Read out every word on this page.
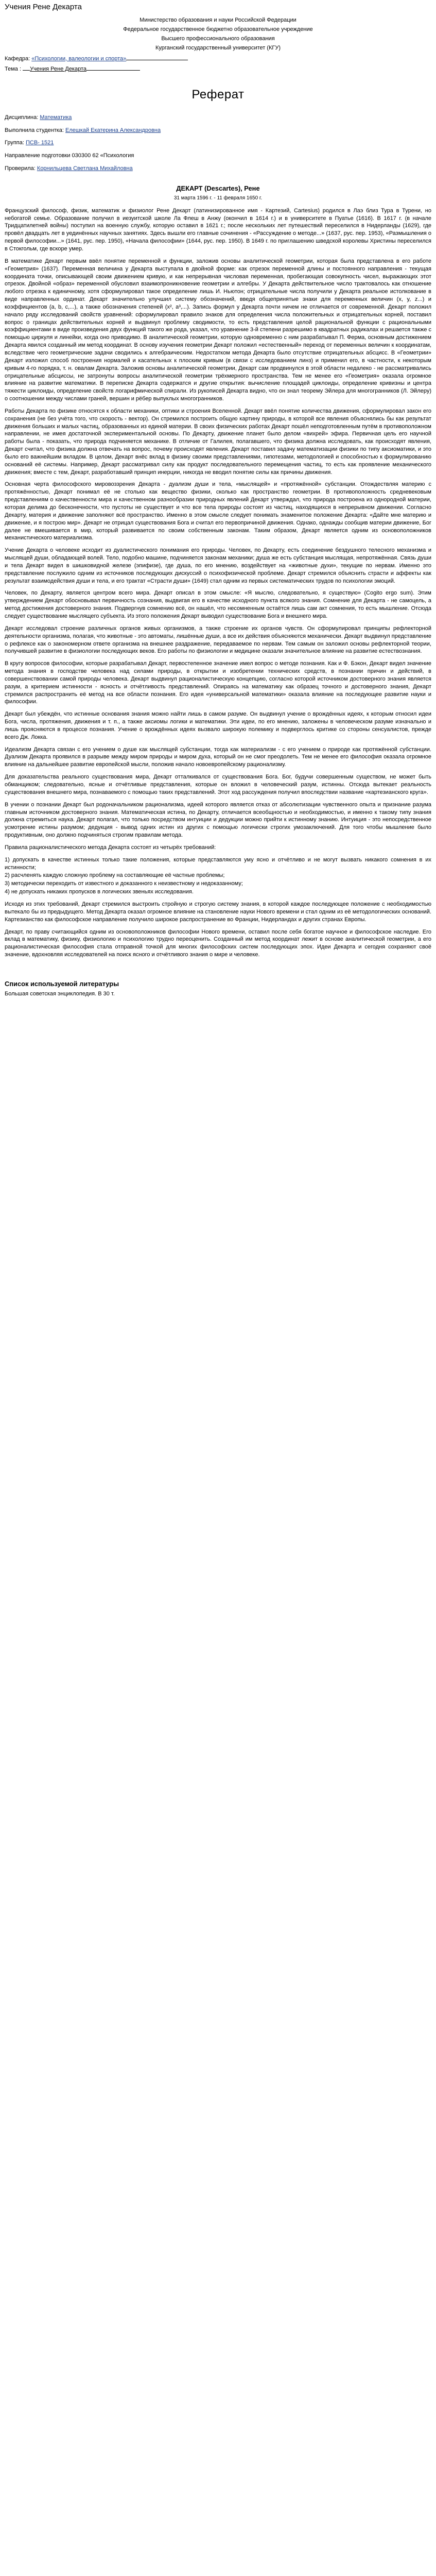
Учения Рене Декарта

Министерство образования и науки Российской Федерации

Федеральное государственное бюджетно образовательное учреждение

Высшего профессионального образования

Курганский государственный университет (КГУ)

Кафедра: «Психологии, валеологии и спорта»

Тема : Учения Рене Декарта

Реферат

Дисциплина: Математика

Выполнила студентка: Елешкай Екатерина Александровна

Группа: ПСВ- 1521

Направление подготовки 030300 62 «Психология

Проверила: Корнильцева Светлана Михайловна

ДЕКАРТ (Descartes), Рене

31 марта 1596 г. - 11 февраля 1650 г.

Французский философ, физик, математик и физиолог Рене Декарт (латинизированное имя - Картезий, Cartesius) родился в Лаэ близ Тура в Турени, но небогатой семье. Образование получил в иезуитской школе Ла Флеш в Анжу (окончил в 1614 г.) и в университете в Пуатье (1616). В 1617 г. (в начале Тридцатилетней войны) поступил на военную службу, которую оставил в 1621 г.; после нескольких лет путешествий переселился в Нидерланды (1629), где провёл двадцать лет в уединённых научных занятиях. Здесь вышли его главные сочинения - «Рассуждение о методе...» (1637, рус. пер. 1953), «Размышления о первой философии...» (1641, рус. пер. 1950), «Начала философии» (1644, рус. пер. 1950). В 1649 г. по приглашению шведской королевы Христины переселился в Стокгольм, где вскоре умер.

В математике Декарт первым ввёл понятие переменной и функции, заложив основы аналитической геометрии, которая была представлена в его работе «Геометрия» (1637). Переменная величина у Декарта выступала в двойной форме: как отрезок переменной длины и постоянного направления - текущая координата точки, описывающей своим движением кривую, и как непрерывная числовая переменная, пробегающая совокупность чисел, выражающих этот отрезок. Двойной «образ» переменной обусловил взаимопроникновение геометрии и алгебры. У Декарта действительное число трактовалось как отношение любого отрезка к единичному, хотя сформулировал такое определение лишь И. Ньютон; отрицательные числа получили у Декарта реальное истолкование в виде направленных ординат. Декарт значительно улучшил систему обозначений, введя общепринятые знаки для переменных величин (x, y, z...) и коэффициентов (a, b, c,...), а также обозначения степеней (x², a³,...). Запись формул у Декарта почти ничем не отличается от современной. Декарт положил начало ряду исследований свойств уравнений: сформулировал правило знаков для определения числа положительных и отрицательных корней, поставил вопрос о границах действительных корней и выдвинул проблему сводимости, то есть представления целой рациональной функции с рациональными коэффициентами в виде произведения двух функций такого же рода, указал, что уравнение 3-й степени разрешимо в квадратных радикалах и решается также с помощью циркуля и линейки, когда оно приводимо. В аналитической геометрии, которую одновременно с ним разрабатывал П. Ферма, основным достижением Декарта явился созданный им метод координат. В основу изучения геометрии Декарт положил «естественный» переход от переменных величин к координатам, вследствие чего геометрические задачи сводились к алгебраическим. Недостатком метода Декарта было отсутствие отрицательных абсцисс. В «Геометрии» Декарт изложил способ построения нормалей и касательных к плоским кривым (в связи с исследованием линз) и применил его, в частности, к некоторым кривым 4-го порядка, т. н. овалам Декарта. Заложив основы аналитической геометрии, Декарт сам продвинулся в этой области недалеко - не рассматривались отрицательные абсциссы, не затронуты вопросы аналитической геометрии трёхмерного пространства. Тем не менее его «Геометрия» оказала огромное влияние на развитие математики. В переписке Декарта содержатся и другие открытия: вычисление площадей циклоиды, определение кривизны и центра тяжести циклоиды, определение свойств логарифмической спирали. Из рукописей Декарта видно, что он знал теорему Эйлера для многогранников (Л. Эйлеру) о соотношении между числами граней, вершин и рёбер выпуклых многогранников.

Работы Декарта по физике относятся к области механики, оптики и строения Вселенной. Декарт ввёл понятие количества движения, сформулировал закон его сохранения (не без учёта того, что скорость - вектор). Он стремился построить общую картину природы, в которой все явления объяснялись бы как результат движения больших и малых частиц, образованных из единой материи. В своих физических работах Декарт пошёл неподготовленным путём в противоположном направлении, не имея достаточной экспериментальной основы. По Декарту, движение планет было делом «вихрей» эфира. Первичная цель его научной работы была - показать, что природа подчиняется механике. В отличие от Галилея, полагавшего, что физика должна исследовать, как происходят явления, Декарт считал, что физика должна отвечать на вопрос, почему происходят явления. Декарт поставил задачу математизации физики по типу аксиоматики, и это было его важнейшим вкладом. В целом, Декарт внёс вклад в физику своими представлениями, гипотезами, методологией и способностью к формулированию оснований её системы. Например, Декарт рассматривал силу как продукт последовательного перемещения частиц, то есть как проявление механического движения; вместе с тем, Декарт, разработавший принцип инерции, никогда не вводил понятие силы как причины движения.

Основная черта философского мировоззрения Декарта - дуализм души и тела, «мыслящей» и «протяжённой» субстанции. Отождествляя материю с протяжённостью, Декарт понимал её не столько как вещество физики, сколько как пространство геометрии. В противоположность средневековым представлениям о качественности мира и качественном разнообразии природных явлений Декарт утверждал, что природа построена из однородной материи, которая делима до бесконечности, что пустоты не существует и что все тела природы состоят из частиц, находящихся в непрерывном движении. Согласно Декарту, материя и движение заполняют всё пространство. Именно в этом смысле следует понимать знаменитое положение Декарта: «Дайте мне материю и движение, и я построю мир». Декарт не отрицал существования Бога и считал его первопричиной движения. Однако, однажды сообщив материи движение, Бог далее не вмешивается в мир, который развивается по своим собственным законам. Таким образом, Декарт является одним из основоположников механистического материализма.

Учение Декарта о человеке исходит из дуалистического понимания его природы. Человек, по Декарту, есть соединение бездушного телесного механизма и мыслящей души, обладающей волей. Тело, подобно машине, подчиняется законам механики; душа же есть субстанция мыслящая, непротяжённая. Связь души и тела Декарт видел в шишковидной железе (эпифизе), где душа, по его мнению, воздействует на «животные духи», текущие по нервам. Именно это представление послужило одним из источников последующих дискуссий о психофизической проблеме. Декарт стремился объяснить страсти и аффекты как результат взаимодействия души и тела, и его трактат «Страсти души» (1649) стал одним из первых систематических трудов по психологии эмоций.

Человек, по Декарту, является центром всего мира. Декарт описал в этом смысле: «Я мыслю, следовательно, я существую» (Cogito ergo sum). Этим утверждением Декарт обосновывал первичность сознания, выдвигая его в качестве исходного пункта всякого знания. Сомнение для Декарта - не самоцель, а метод достижения достоверного знания. Подвергнув сомнению всё, он нашёл, что несомненным остаётся лишь сам акт сомнения, то есть мышление. Отсюда следует существование мыслящего субъекта. Из этого положения Декарт выводил существование Бога и внешнего мира.

Декарт исследовал строение различных органов живых организмов, а также строение их органов чувств. Он сформулировал принципы рефлекторной деятельности организма, полагая, что животные - это автоматы, лишённые души, а все их действия объясняются механически. Декарт выдвинул представление о рефлексе как о закономерном ответе организма на внешнее раздражение, передаваемое по нервам. Тем самым он заложил основы рефлекторной теории, получившей развитие в физиологии последующих веков. Его работы по физиологии и медицине оказали значительное влияние на развитие естествознания.

В кругу вопросов философии, которые разрабатывал Декарт, первостепенное значение имел вопрос о методе познания. Как и Ф. Бэкон, Декарт видел значение метода знания в господстве человека над силами природы, в открытии и изобретении технических средств, в познании причин и действий, в совершенствовании самой природы человека. Декарт выдвинул рационалистическую концепцию, согласно которой источником достоверного знания является разум, а критерием истинности - ясность и отчётливость представлений. Опираясь на математику как образец точного и достоверного знания, Декарт стремился распространить её метод на все области познания. Его идея «универсальной математики» оказала влияние на последующее развитие науки и философии.

Декарт был убеждён, что истинные основания знания можно найти лишь в самом разуме. Он выдвинул учение о врождённых идеях, к которым относил идеи Бога, числа, протяжения, движения и т. п., а также аксиомы логики и математики. Эти идеи, по его мнению, заложены в человеческом разуме изначально и лишь проясняются в процессе познания. Учение о врождённых идеях вызвало широкую полемику и подверглось критике со стороны сенсуалистов, прежде всего Дж. Локка.

Идеализм Декарта связан с его учением о душе как мыслящей субстанции, тогда как материализм - с его учением о природе как протяжённой субстанции. Дуализм Декарта проявился в разрыве между миром природы и миром духа, который он не смог преодолеть. Тем не менее его философия оказала огромное влияние на дальнейшее развитие европейской мысли, положив начало новоевропейскому рационализму.

Для доказательства реального существования мира, Декарт отталкивался от существования Бога. Бог, будучи совершенным существом, не может быть обманщиком; следовательно, ясные и отчётливые представления, которые он вложил в человеческий разум, истинны. Отсюда вытекает реальность существования внешнего мира, познаваемого с помощью таких представлений. Этот ход рассуждения получил впоследствии название «картезианского круга».

В учении о познании Декарт был родоначальником рационализма, идеей которого является отказ от абсолютизации чувственного опыта и признание разума главным источником достоверного знания. Математическая истина, по Декарту, отличается всеобщностью и необходимостью, и именно к такому типу знания должна стремиться наука. Декарт полагал, что только посредством интуиции и дедукции можно прийти к истинному знанию. Интуиция - это непосредственное усмотрение истины разумом; дедукция - вывод одних истин из других с помощью логически строгих умозаключений. Для того чтобы мышление было продуктивным, оно должно подчиняться строгим правилам метода.

Правила рационалистического метода Декарта состоят из четырёх требований:

1) допускать в качестве истинных только такие положения, которые представляются уму ясно и отчётливо и не могут вызвать никакого сомнения в их истинности;

2) расчленять каждую сложную проблему на составляющие её частные проблемы;

3) методически переходить от известного и доказанного к неизвестному и недоказанному;

4) не допускать никаких пропусков в логических звеньях исследования.

Исходя из этих требований, Декарт стремился выстроить стройную и строгую систему знания, в которой каждое последующее положение с необходимостью вытекало бы из предыдущего. Метод Декарта оказал огромное влияние на становление науки Нового времени и стал одним из её методологических оснований. Картезианство как философское направление получило широкое распространение во Франции, Нидерландах и других странах Европы.

Декарт, по праву считающийся одним из основоположников философии Нового времени, оставил после себя богатое научное и философское наследие. Его вклад в математику, физику, физиологию и психологию трудно переоценить. Созданный им метод координат лежит в основе аналитической геометрии, а его рационалистическая философия стала отправной точкой для многих философских систем последующих эпох. Идеи Декарта и сегодня сохраняют своё значение, вдохновляя исследователей на поиск ясного и отчётливого знания о мире и человеке.

Список используемой литературы

Большая советская энциклопедия. В 30 т.
